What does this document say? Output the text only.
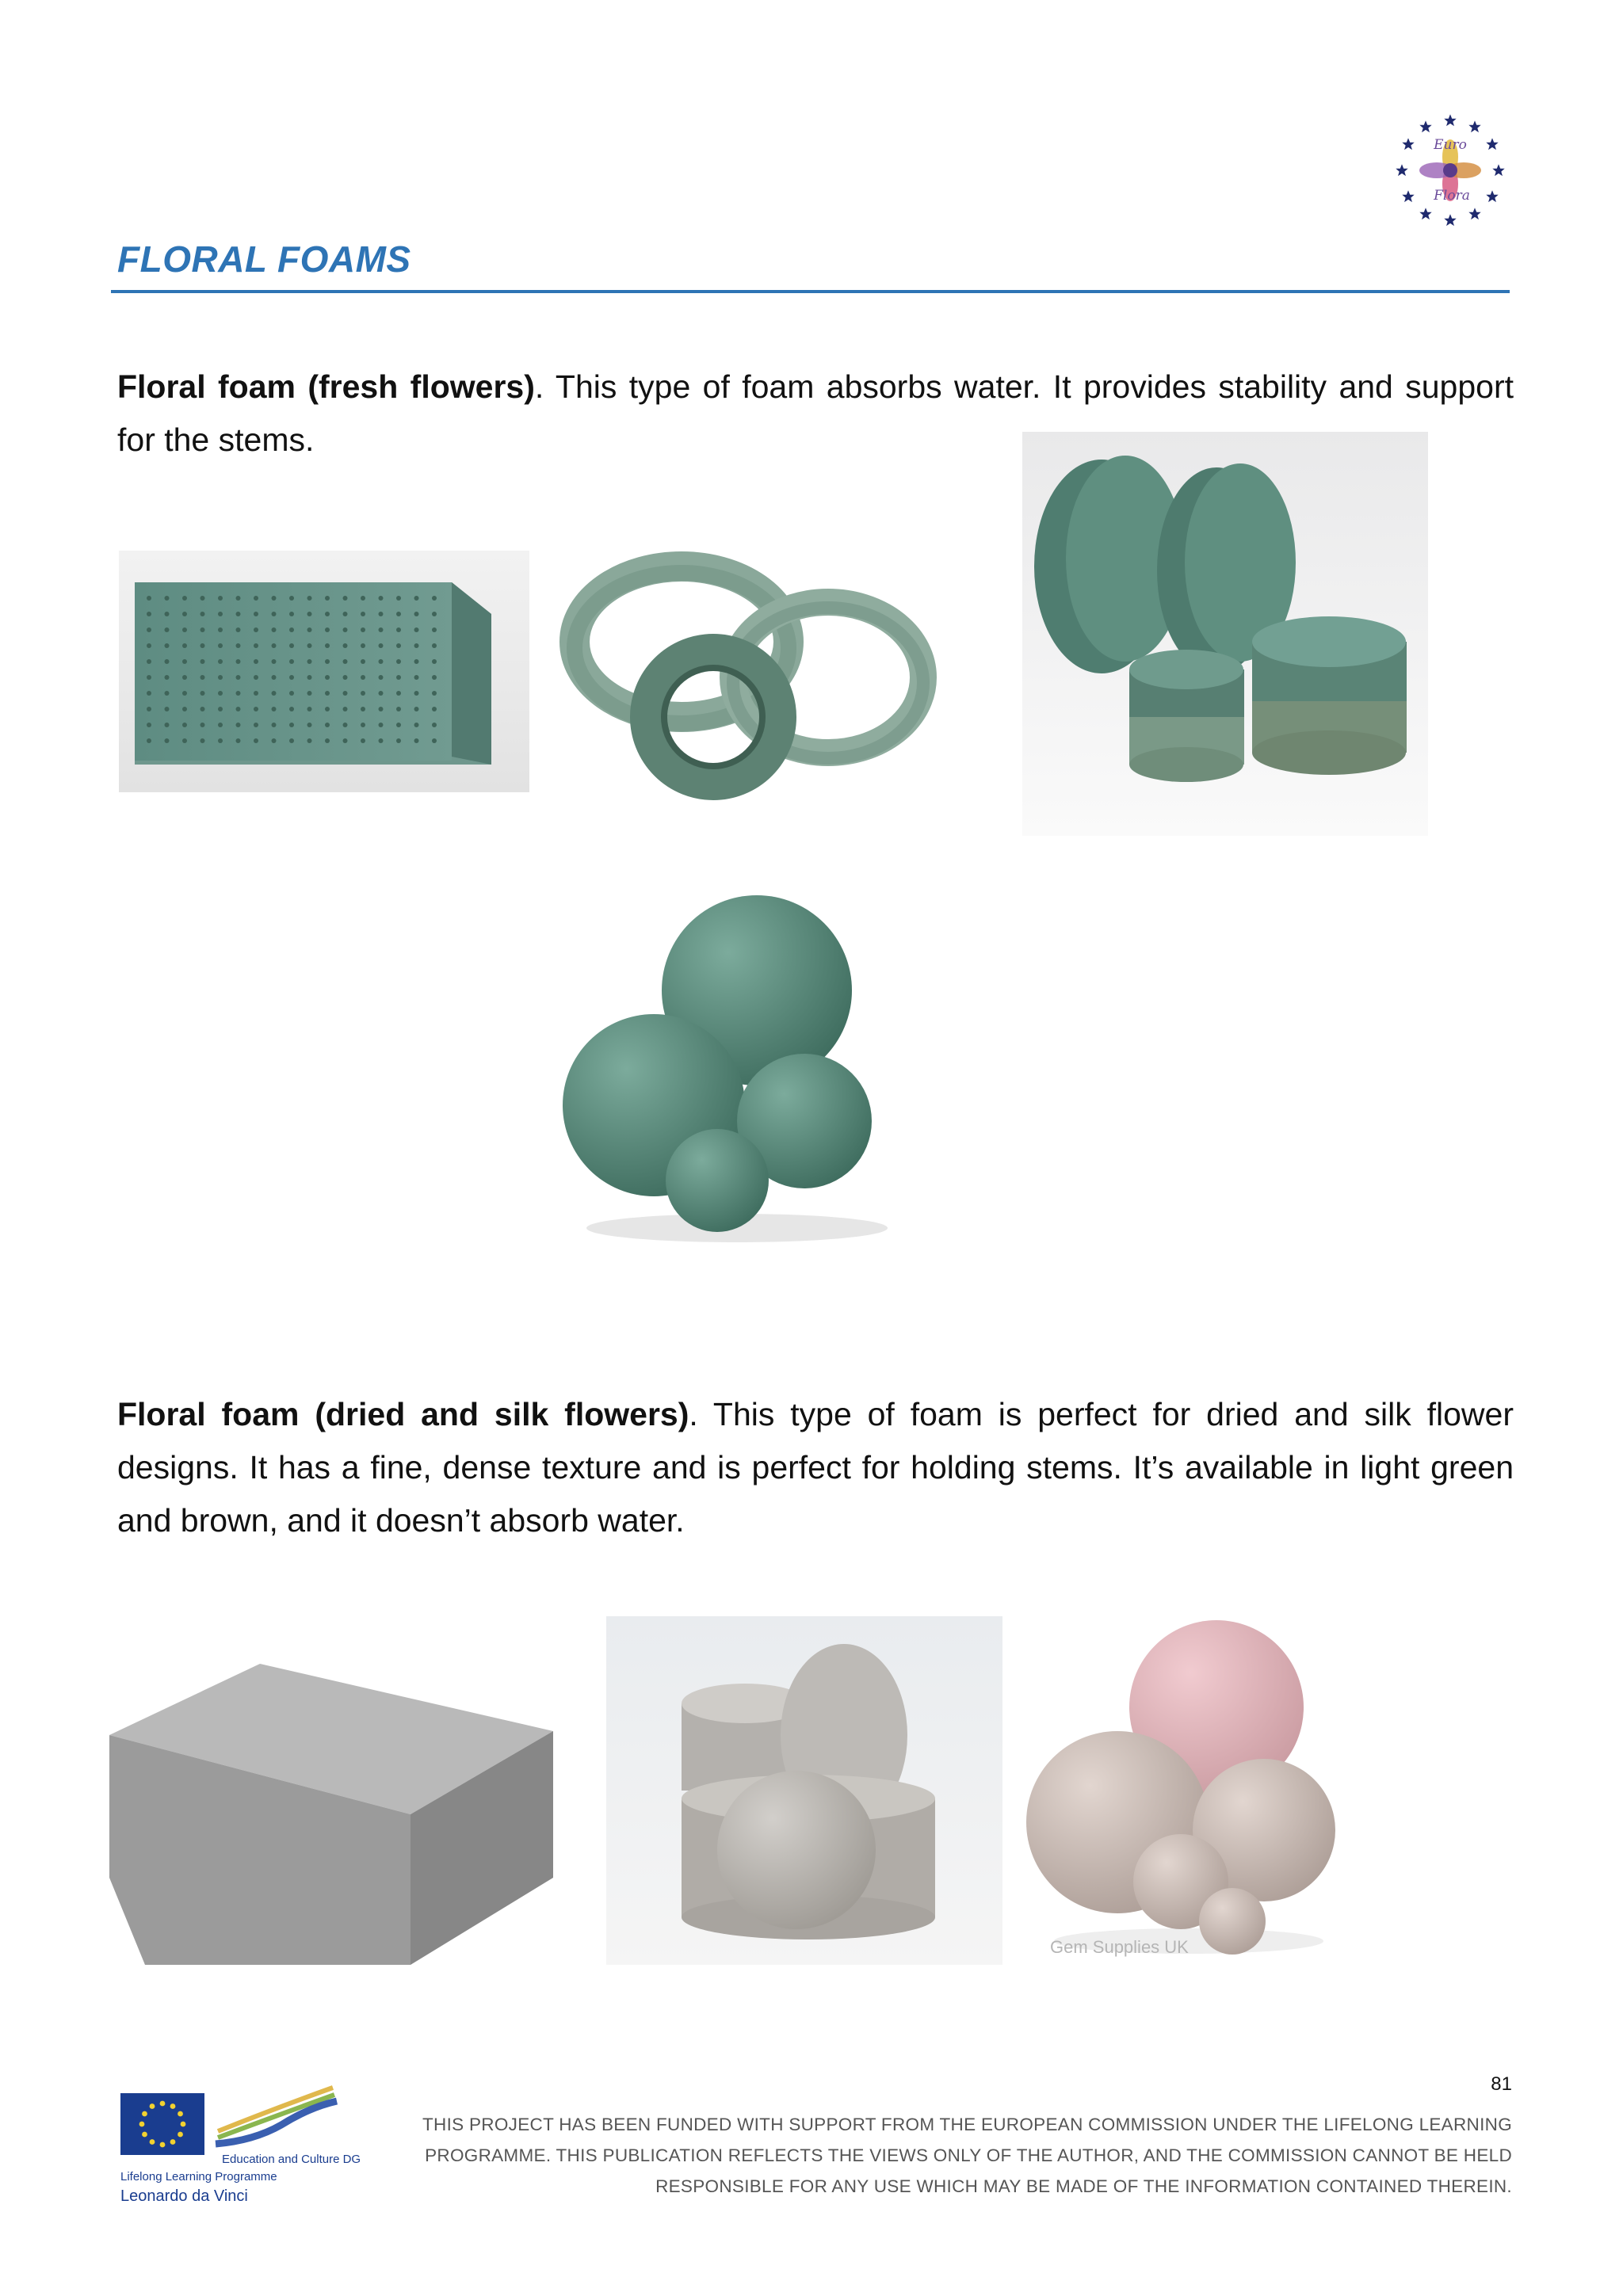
Euro
Flora
FLORAL FOAMS

Floral foam (fresh flowers). This type of foam absorbs water. It provides stability and support for the stems.

Floral foam (dried and silk flowers). This type of foam is perfect for dried and silk flower designs. It has a fine, dense texture and is perfect for holding stems. It’s available in light green and brown, and it doesn’t absorb water.

Gem Supplies UK
81
Education and Culture DG
Lifelong Learning Programme
Leonardo da Vinci

THIS PROJECT HAS BEEN FUNDED WITH SUPPORT FROM THE EUROPEAN COMMISSION UNDER THE LIFELONG LEARNING
PROGRAMME. THIS PUBLICATION REFLECTS THE VIEWS ONLY OF THE AUTHOR, AND THE COMMISSION CANNOT BE HELD
RESPONSIBLE FOR ANY USE WHICH MAY BE MADE OF THE INFORMATION CONTAINED THEREIN.
